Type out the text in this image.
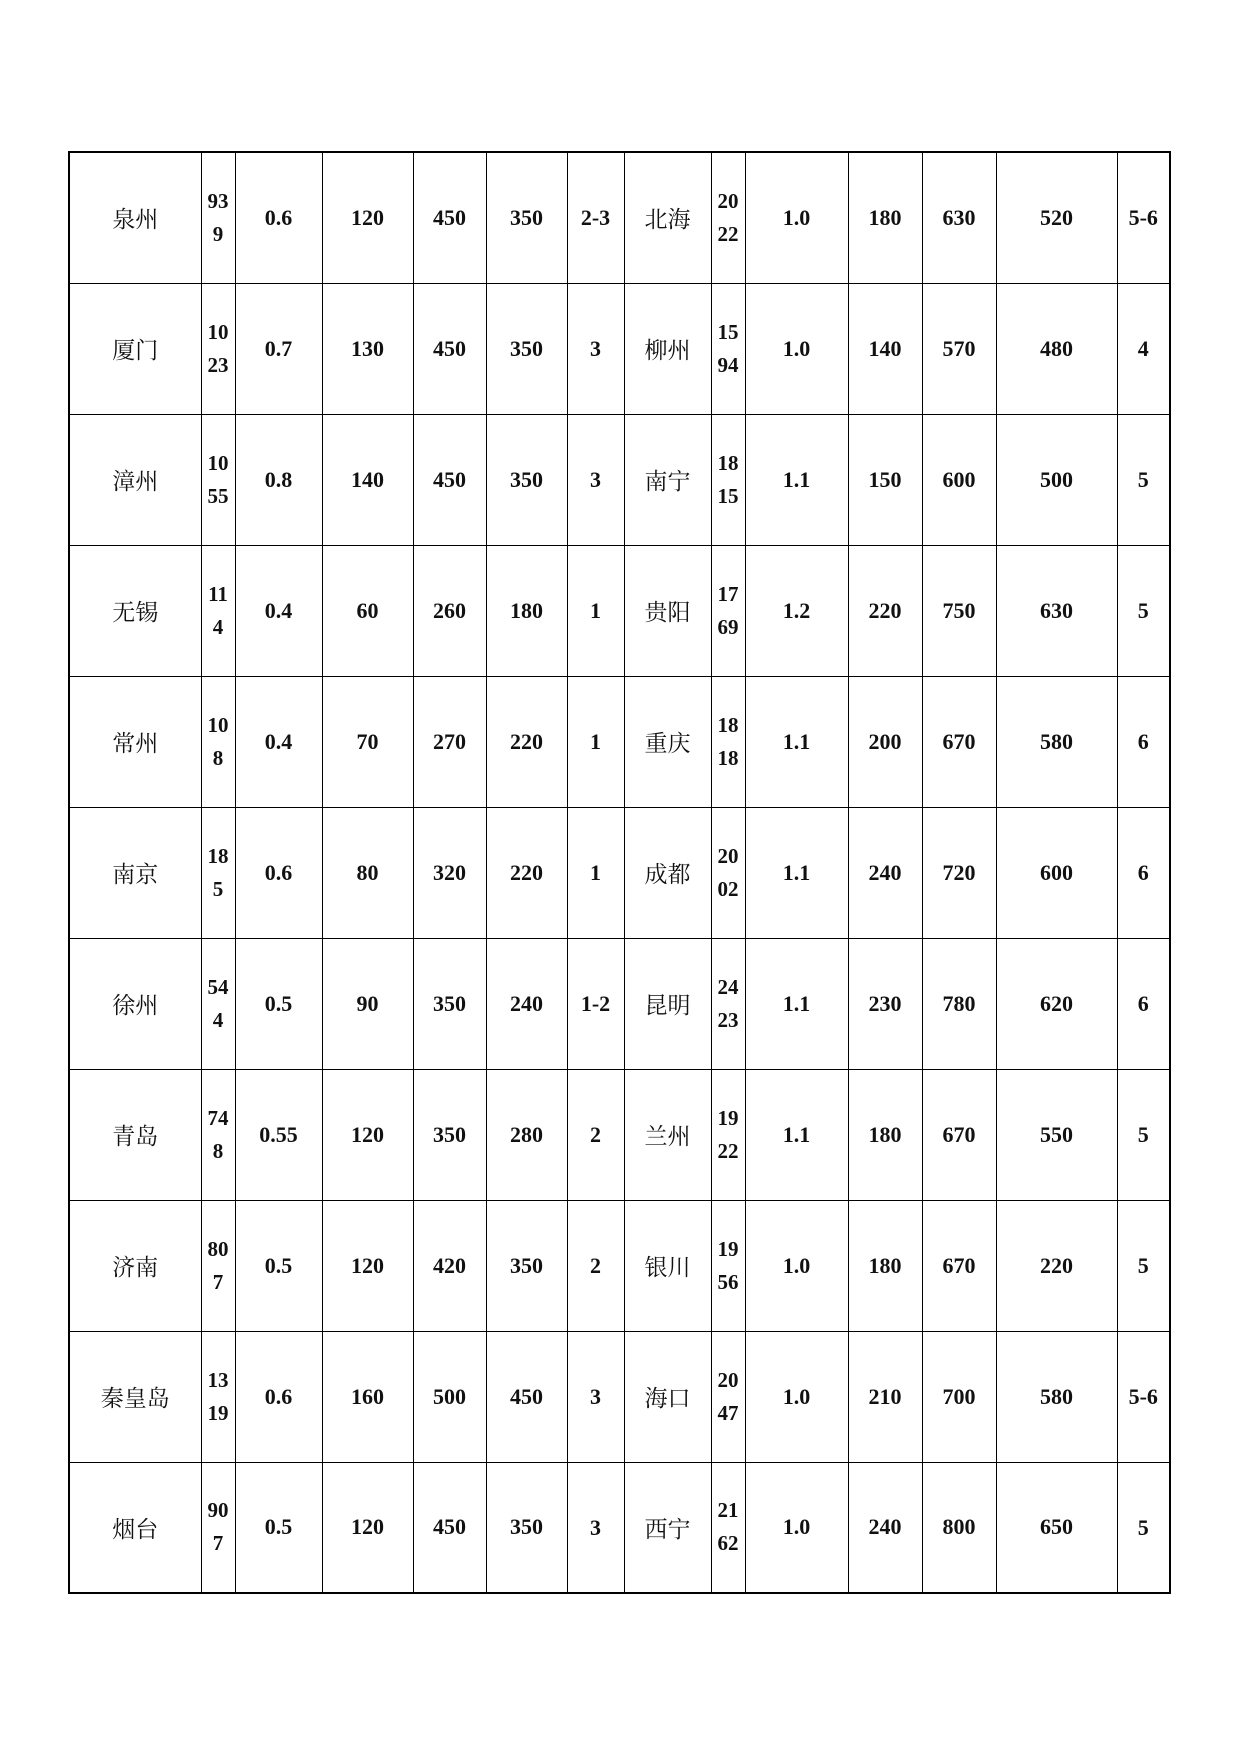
泉州	939	0.6	120	450	350	2-3	北海	2022	1.0	180	630	520	5-6
厦门	1023	0.7	130	450	350	3	柳州	1594	1.0	140	570	480	4
漳州	1055	0.8	140	450	350	3	南宁	1815	1.1	150	600	500	5
无锡	114	0.4	60	260	180	1	贵阳	1769	1.2	220	750	630	5
常州	108	0.4	70	270	220	1	重庆	1818	1.1	200	670	580	6
南京	185	0.6	80	320	220	1	成都	2002	1.1	240	720	600	6
徐州	544	0.5	90	350	240	1-2	昆明	2423	1.1	230	780	620	6
青岛	748	0.55	120	350	280	2	兰州	1922	1.1	180	670	550	5
济南	807	0.5	120	420	350	2	银川	1956	1.0	180	670	220	5
秦皇岛	1319	0.6	160	500	450	3	海口	2047	1.0	210	700	580	5-6
烟台	907	0.5	120	450	350	3	西宁	2162	1.0	240	800	650	5
